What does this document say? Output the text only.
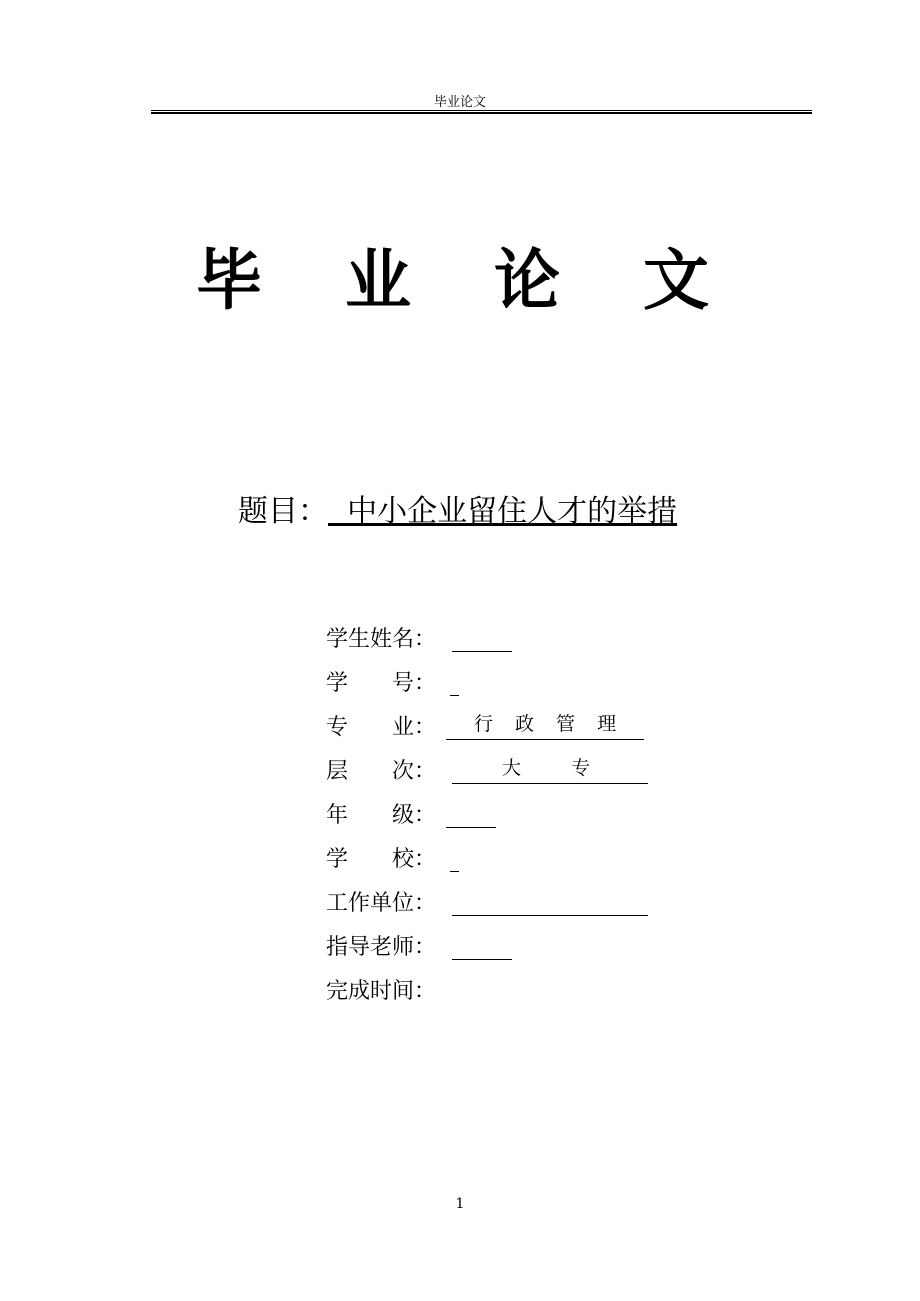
毕业论文
毕 业 论 文
题目：  中小企业留住人才的举措
学生姓名：
学　　号：
专　　业： 行 政 管 理
层　　次：	大   专
年　　级：
学　　校：
工作单位：
指导老师：
完成时间：
1
